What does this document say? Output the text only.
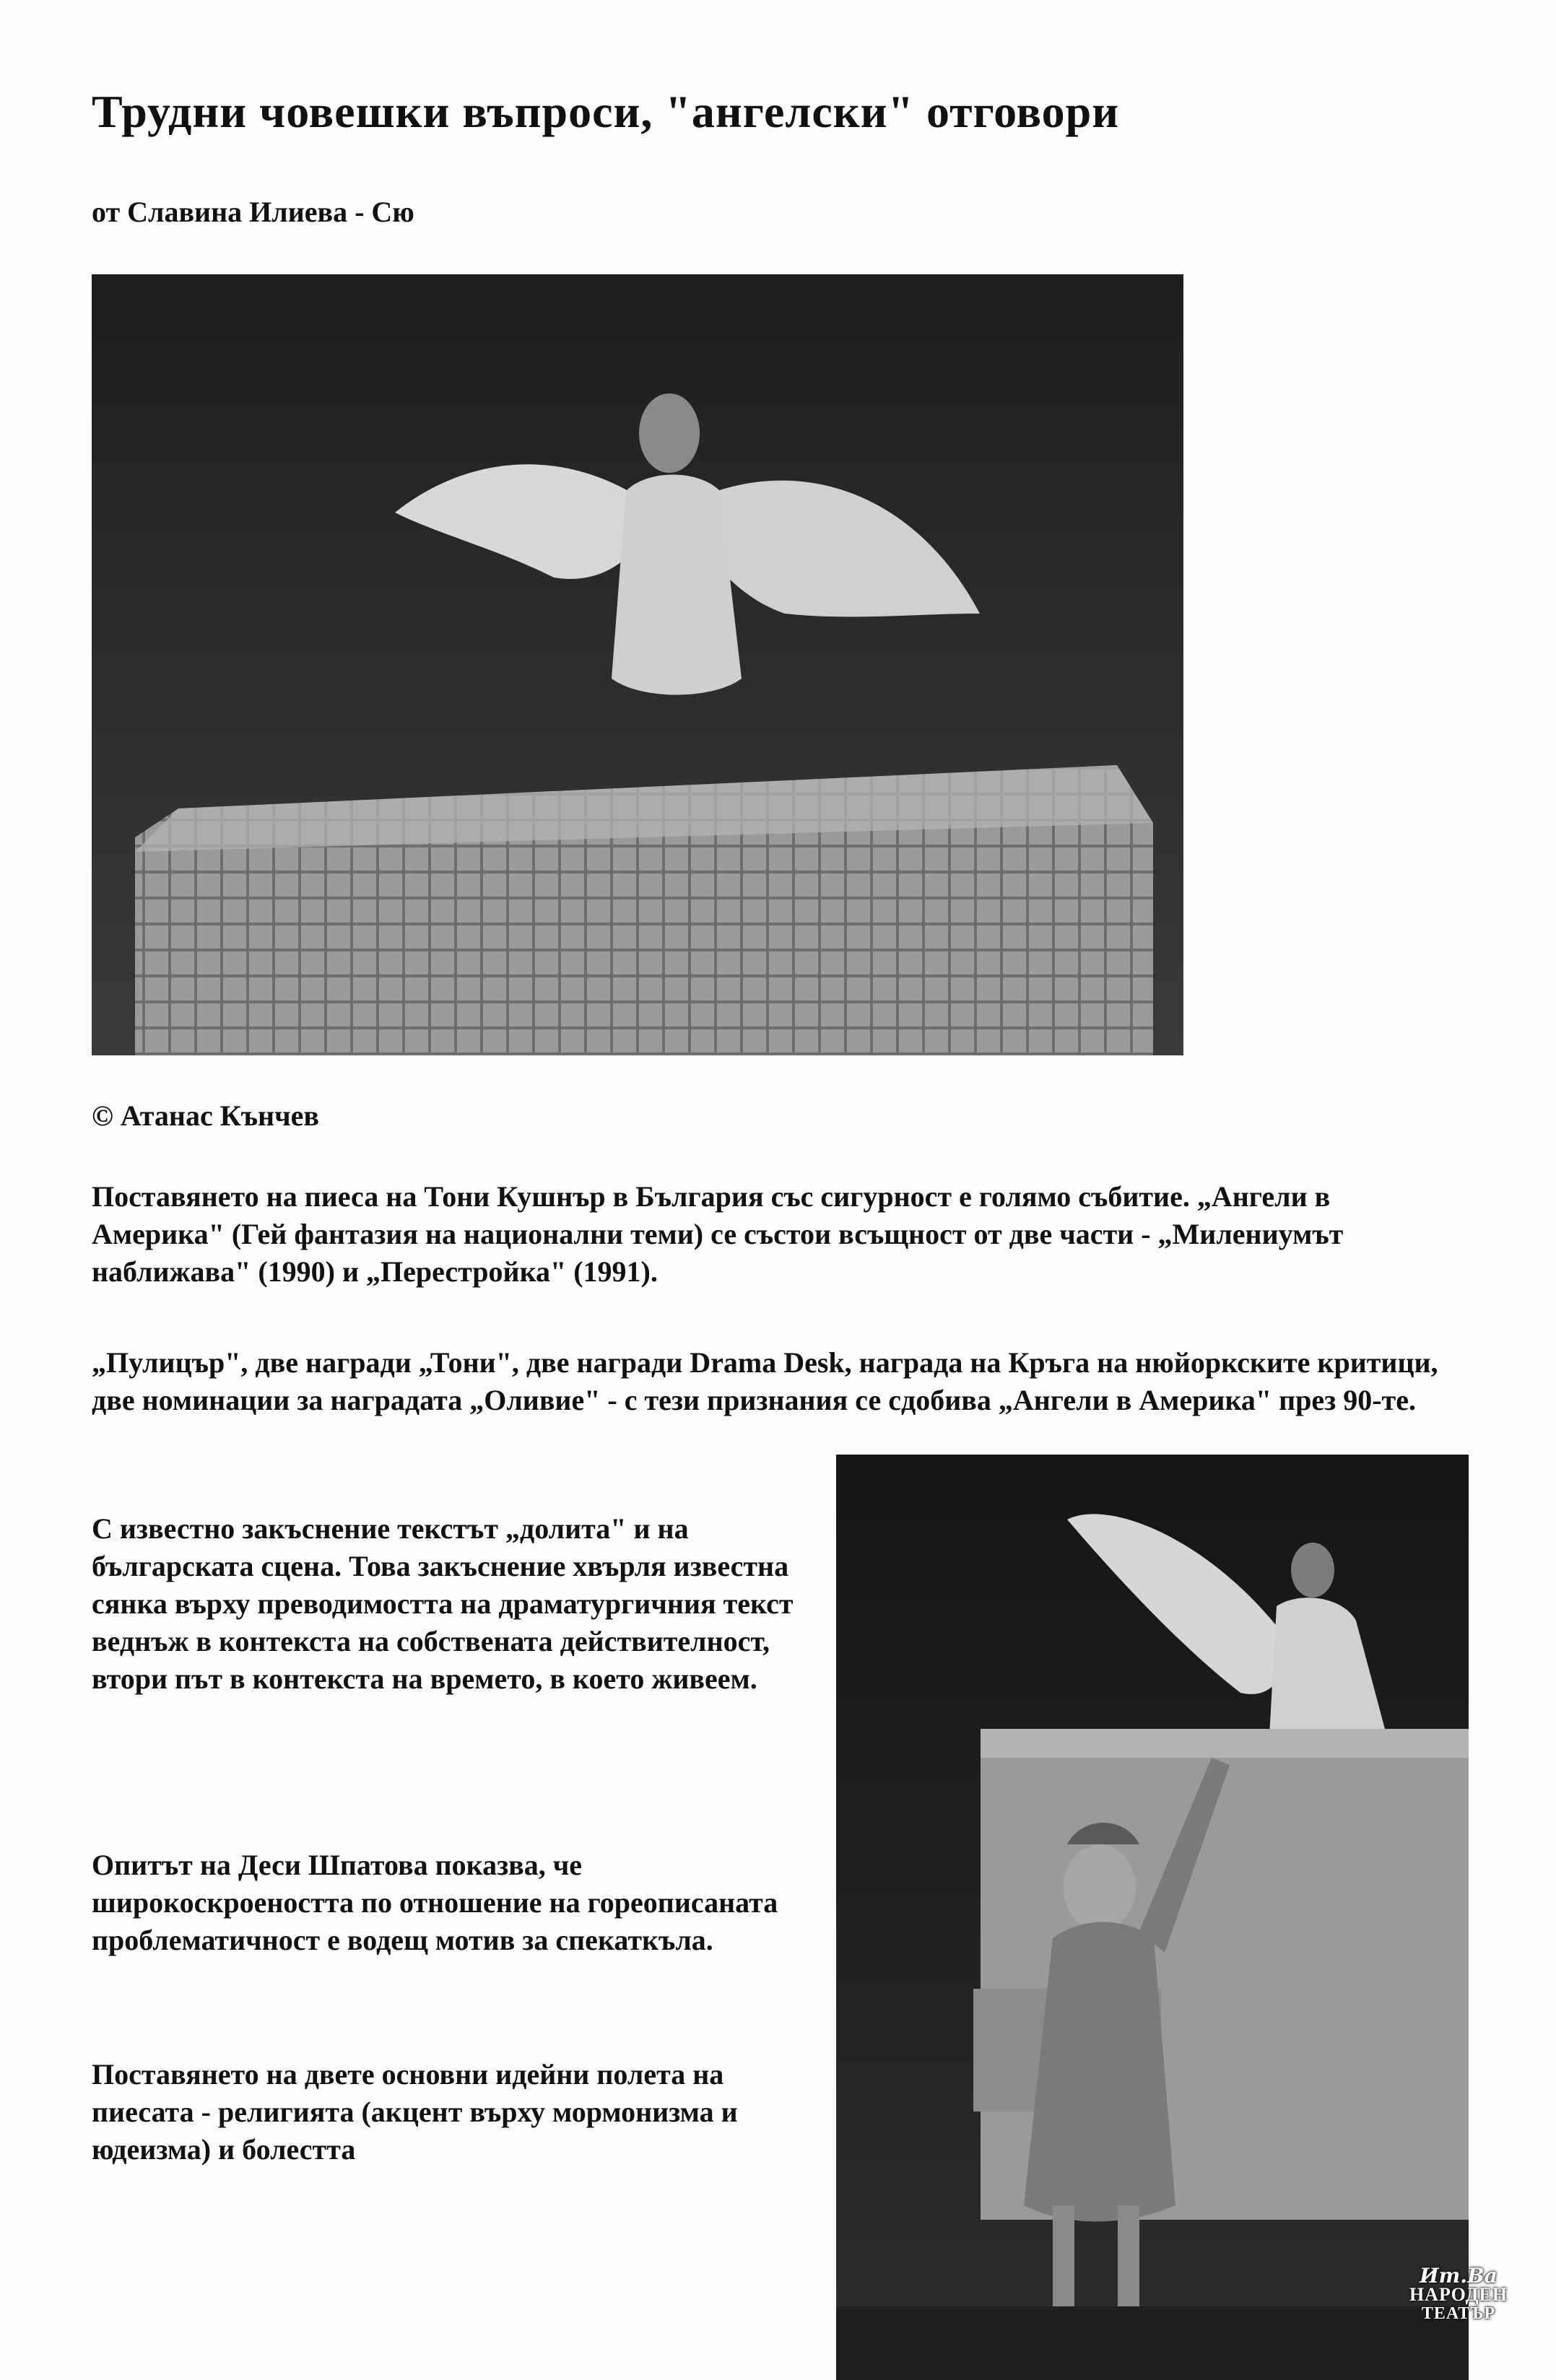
Трудни човешки въпроси, "ангелски" отговори
от Славина Илиева - Сю
© Атанас Кънчев

Поставянето на пиеса на Тони Кушнър в България със сигурност е голямо събитие. „Ангели в Америка" (Гей фантазия на национални теми) се състои всъщност от две части - „Милениумът наближава" (1990) и „Перестройка" (1991).

„Пулицър", две награди „Тони", две награди Drama Desk, награда на Кръга на нюйоркските критици, две номинации за наградата „Оливие" - с тези признания се сдобива „Ангели в Америка" през 90-те.

С известно закъснение текстът „долита" и на българската сцена. Това закъснение хвърля известна сянка върху преводимостта на драматургичния текст веднъж в контекста на собствената действителност, втори път в контекста на времето, в което живеем.

Опитът на Деси Шпатова показва, че широкоскроеността по отношение на гореописаната проблематичност е водещ мотив за спекаткъла.

Поставянето на двете основни идейни полета на пиесата - религията (акцент върху мормонизма и юдеизма) и болестта

Ит.Ва
НАРОДЕН
ТЕАТЪР
